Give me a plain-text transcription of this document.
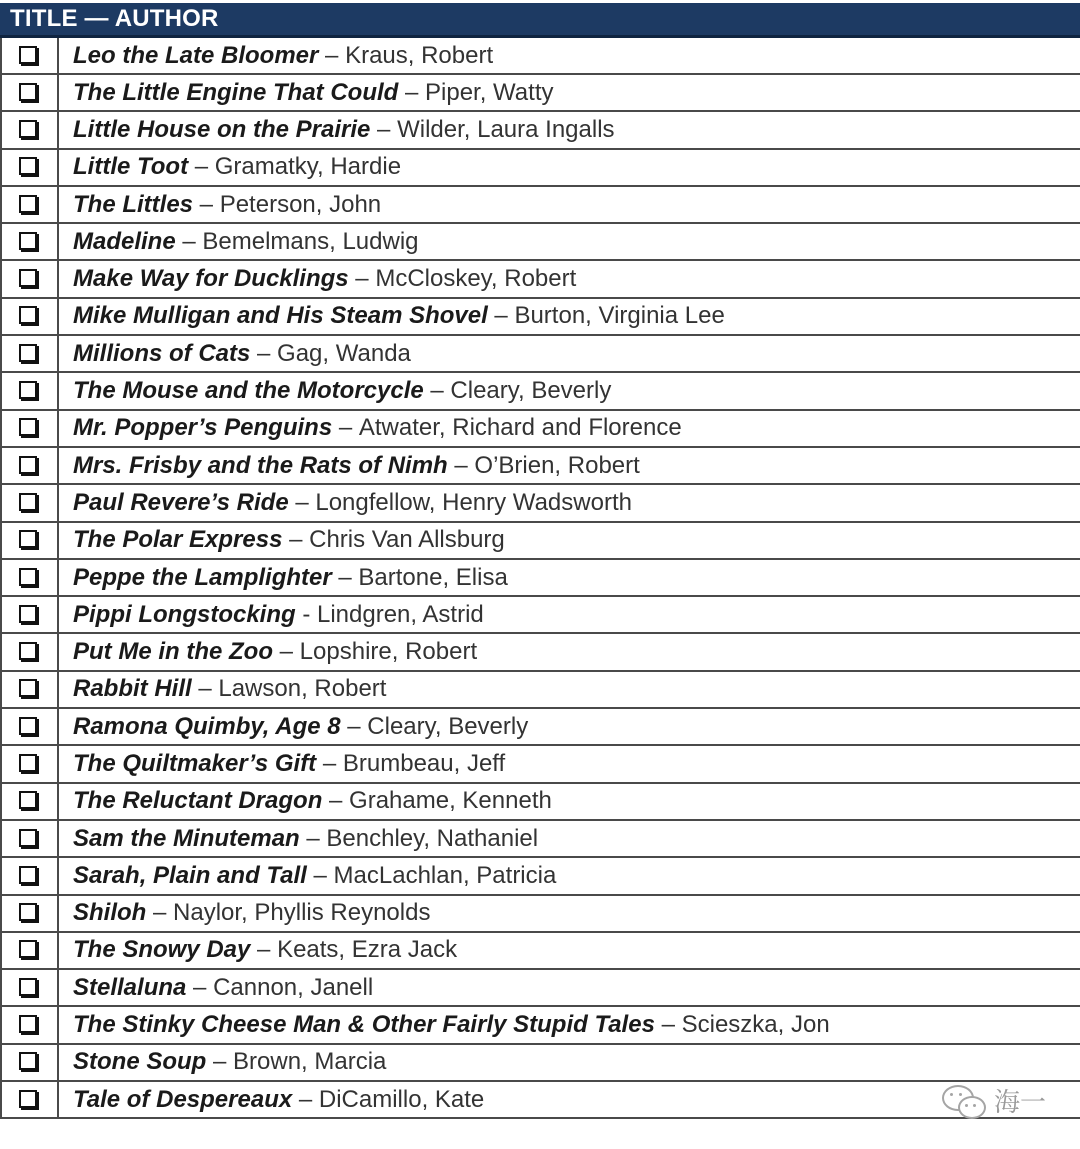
TITLE — AUTHOR
Leo the Late Bloomer – Kraus, Robert
The Little Engine That Could – Piper, Watty
Little House on the Prairie – Wilder, Laura Ingalls
Little Toot – Gramatky, Hardie
The Littles – Peterson, John
Madeline – Bemelmans, Ludwig
Make Way for Ducklings – McCloskey, Robert
Mike Mulligan and His Steam Shovel – Burton, Virginia Lee
Millions of Cats – Gag, Wanda
The Mouse and the Motorcycle – Cleary, Beverly
Mr. Popper’s Penguins – Atwater, Richard and Florence
Mrs. Frisby and the Rats of Nimh – O’Brien, Robert
Paul Revere’s Ride – Longfellow, Henry Wadsworth
The Polar Express – Chris Van Allsburg
Peppe the Lamplighter – Bartone, Elisa
Pippi Longstocking - Lindgren, Astrid
Put Me in the Zoo – Lopshire, Robert
Rabbit Hill – Lawson, Robert
Ramona Quimby, Age 8 – Cleary, Beverly
The Quiltmaker’s Gift – Brumbeau, Jeff
The Reluctant Dragon – Grahame, Kenneth
Sam the Minuteman – Benchley, Nathaniel
Sarah, Plain and Tall – MacLachlan, Patricia
Shiloh – Naylor, Phyllis Reynolds
The Snowy Day – Keats, Ezra Jack
Stellaluna – Cannon, Janell
The Stinky Cheese Man & Other Fairly Stupid Tales – Scieszka, Jon
Stone Soup – Brown, Marcia
Tale of Despereaux – DiCamillo, Kate	海一
